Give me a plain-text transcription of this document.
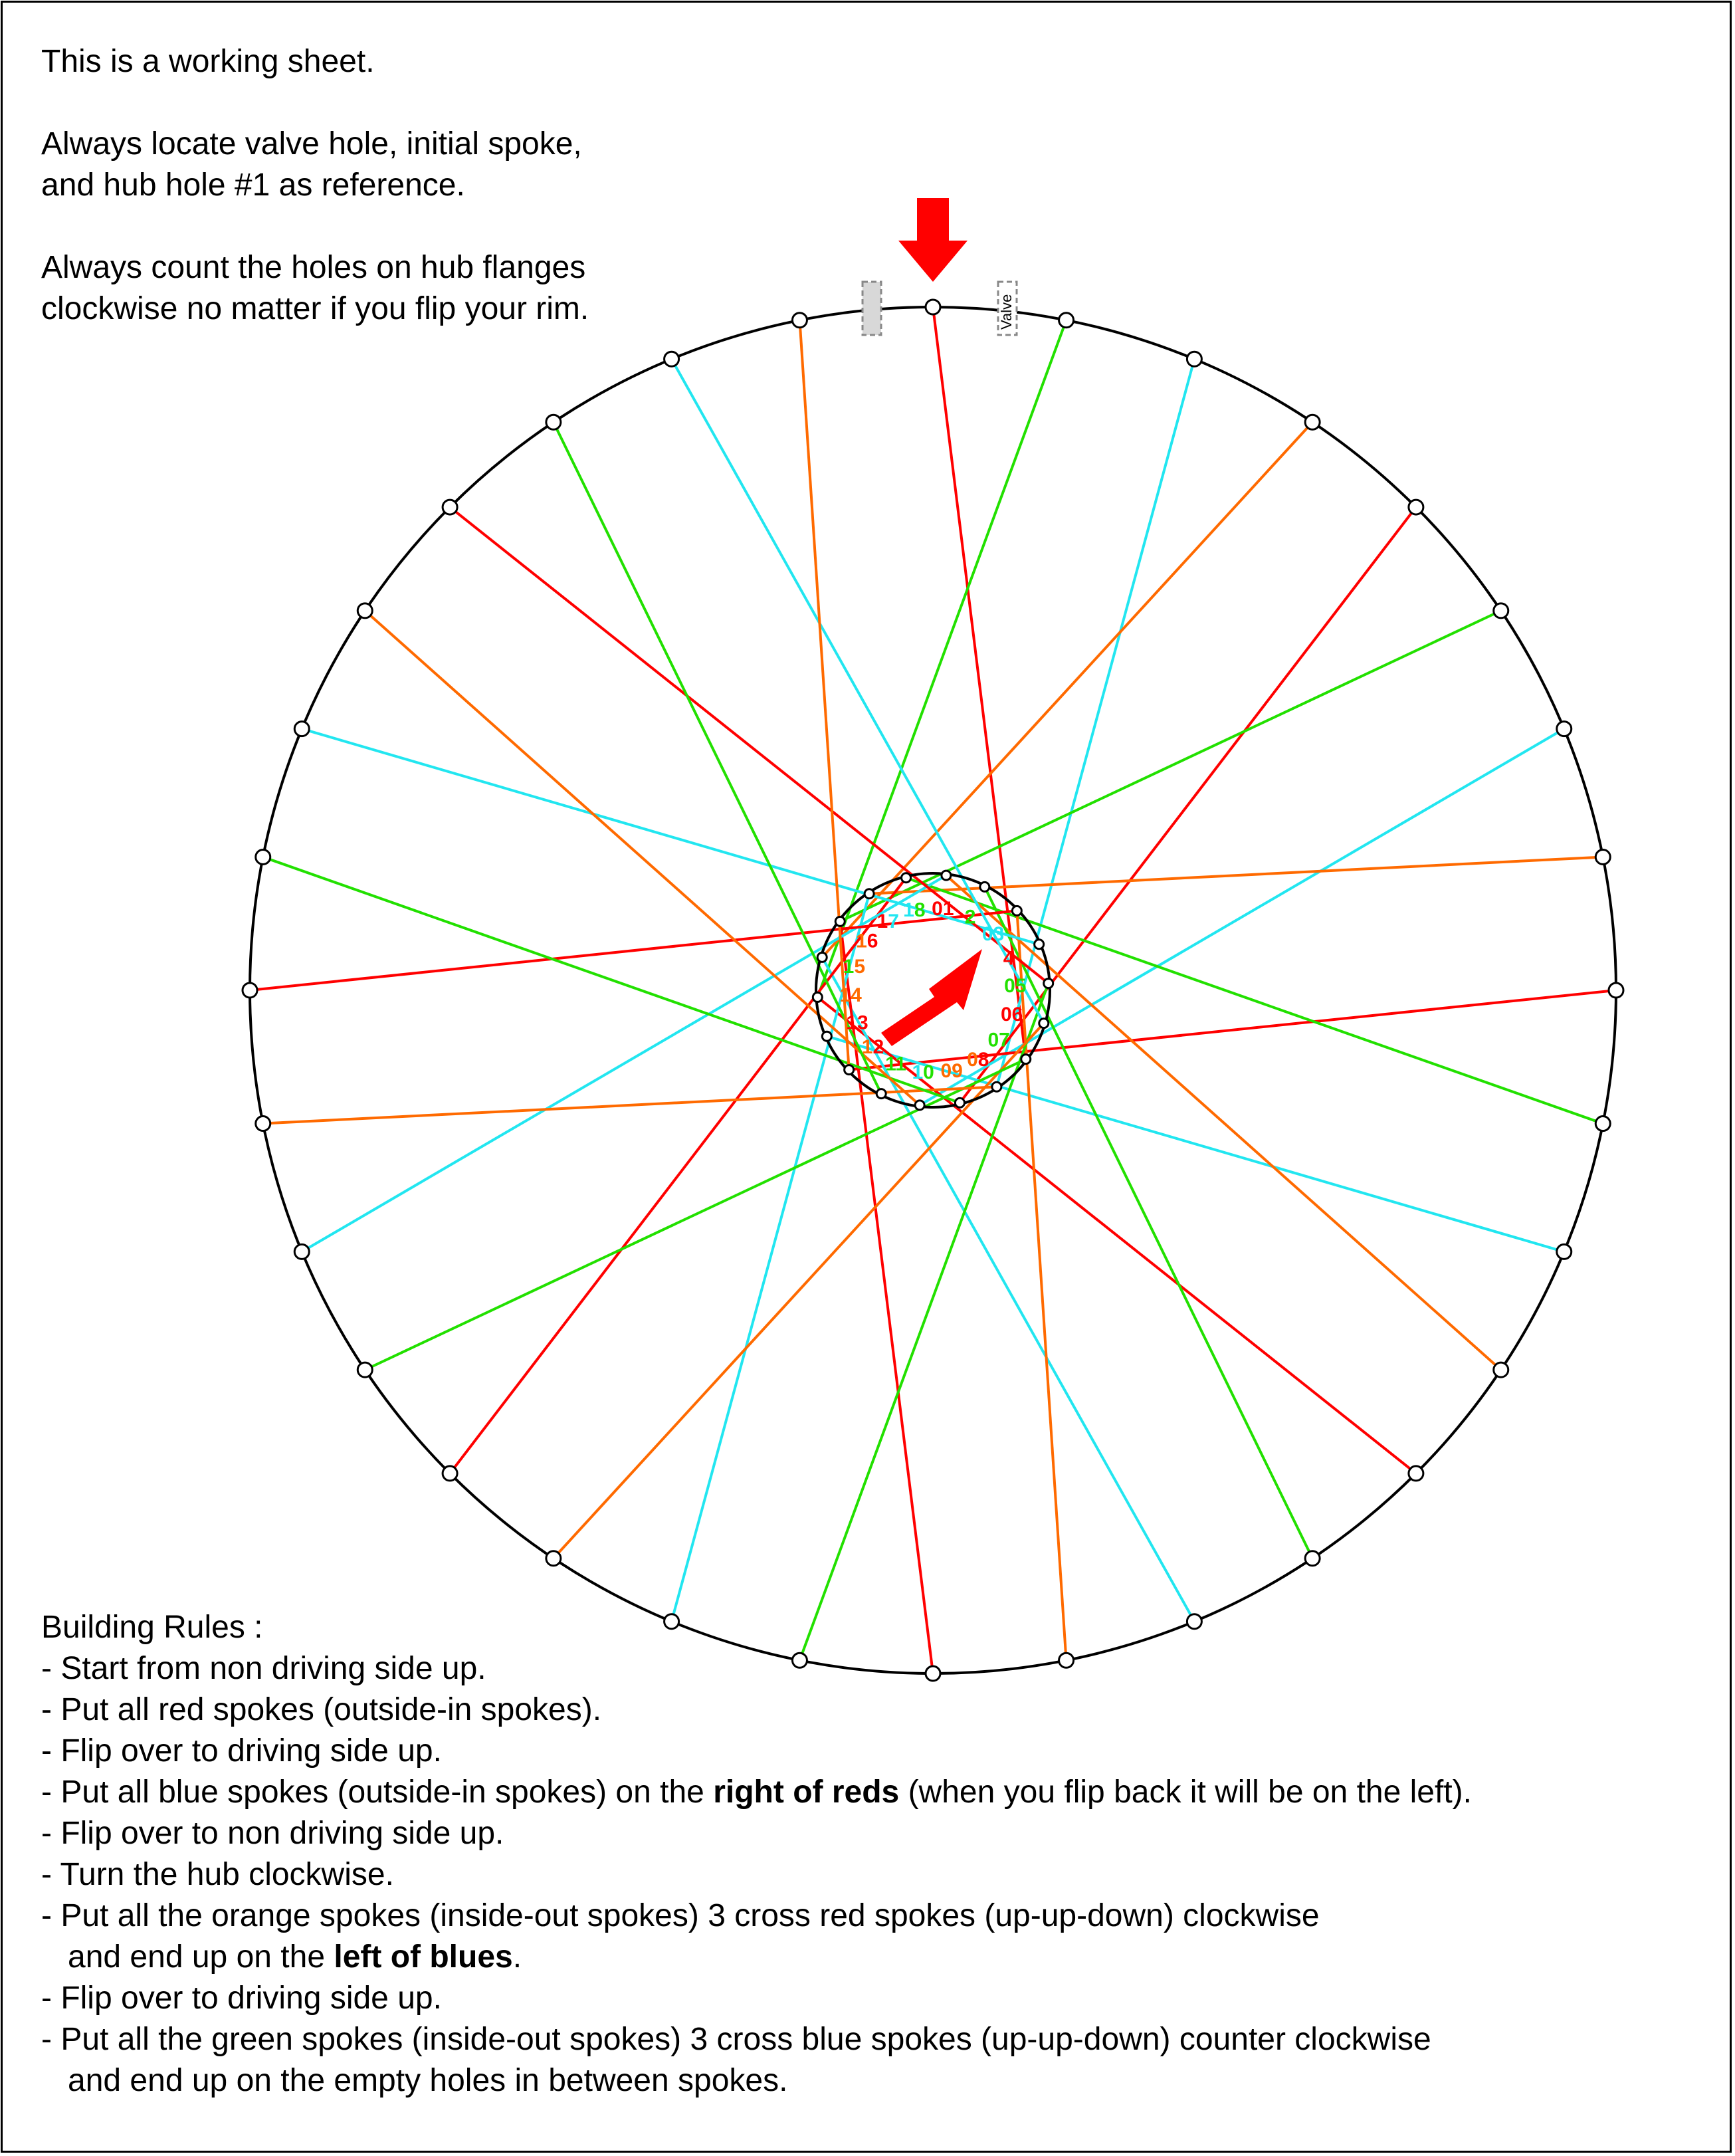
This is a working sheet.

Always locate valve hole, initial spoke,
and hub hole #1 as reference.

Always count the holes on hub flanges
clockwise no matter if you flip your rim.

01 2
03
4
05
06
07
08
09
10
11
12
13
14
15
16
17
18
Valve
Building Rules :
- Start from non driving side up.
- Put all red spokes (outside-in spokes).
- Flip over to driving side up.
- Put all blue spokes (outside-in spokes) on the right of reds (when you flip back it will be on the left).
- Flip over to non driving side up.
- Turn the hub clockwise.
- Put all the orange spokes (inside-out spokes) 3 cross red spokes (up-up-down) clockwise
and end up on the left of blues.
- Flip over to driving side up.
- Put all the green spokes (inside-out spokes) 3 cross blue spokes (up-up-down) counter clockwise
and end up on the empty holes in between spokes.
